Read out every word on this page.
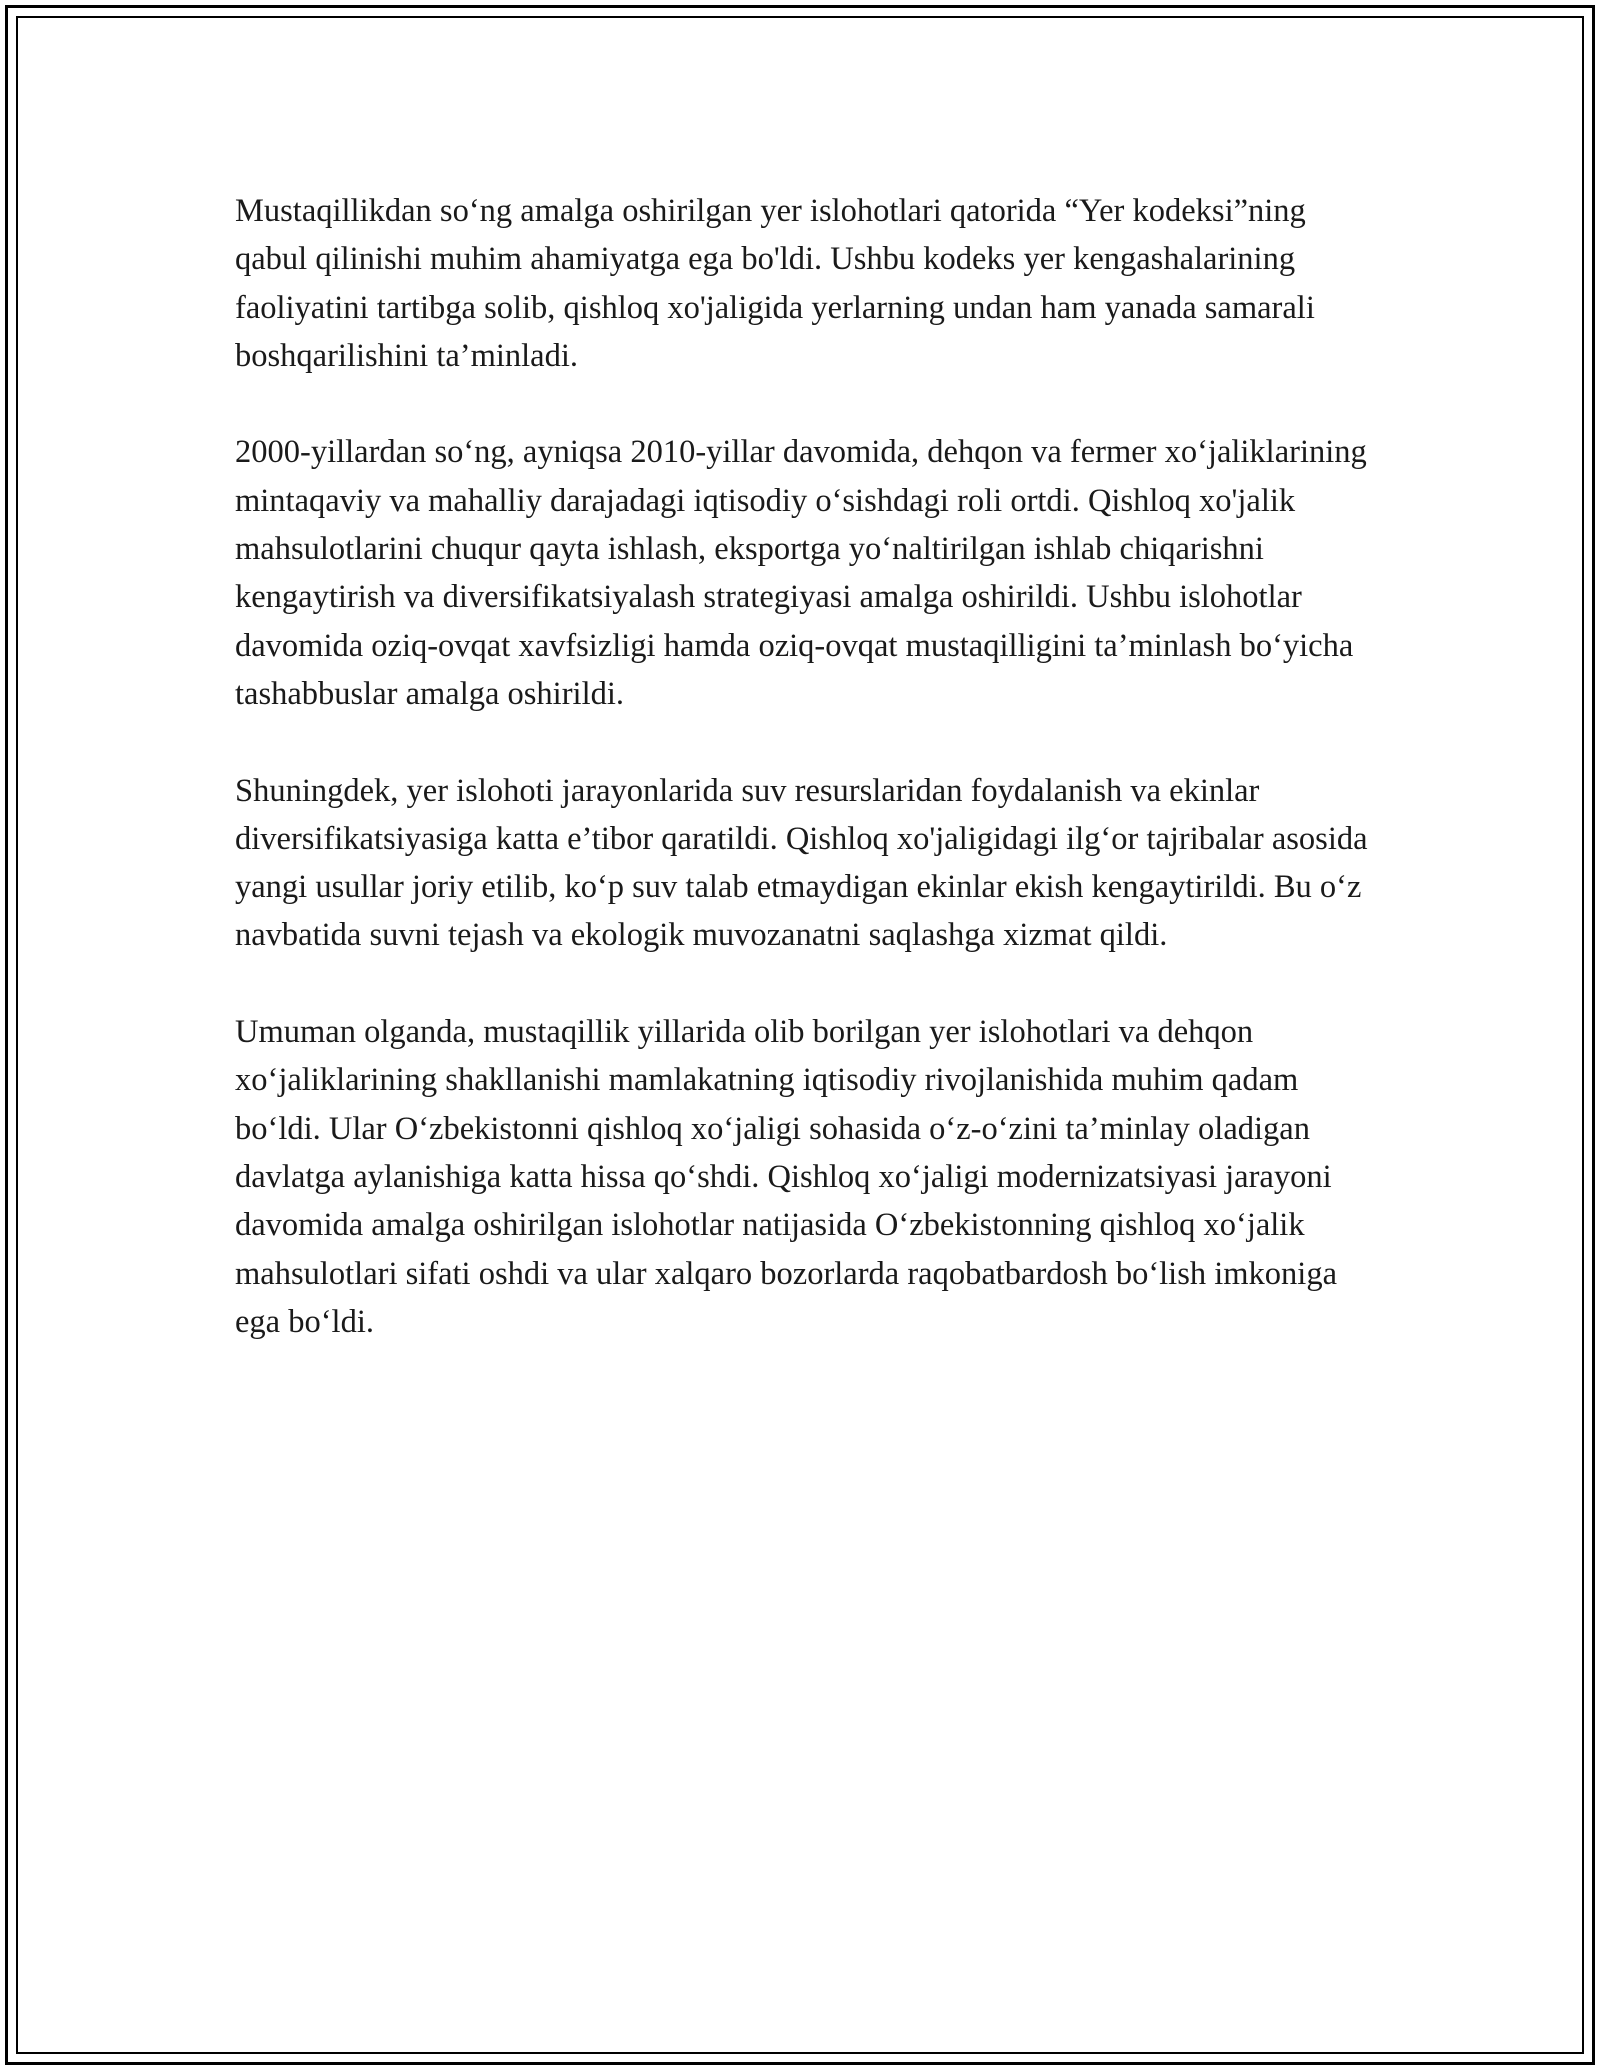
Mustaqillikdan so‘ng amalga oshirilgan yer islohotlari qatorida “Yer kodeksi”ning qabul qilinishi muhim ahamiyatga ega bo'ldi. Ushbu kodeks yer kengashalarining faoliyatini tartibga solib, qishloq xo'jaligida yerlarning undan ham yanada samarali boshqarilishini ta’minladi.

2000-yillardan so‘ng, ayniqsa 2010-yillar davomida, dehqon va fermer xo‘jaliklarining mintaqaviy va mahalliy darajadagi iqtisodiy o‘sishdagi roli ortdi. Qishloq xo'jalik mahsulotlarini chuqur qayta ishlash, eksportga yo‘naltirilgan ishlab chiqarishni kengaytirish va diversifikatsiyalash strategiyasi amalga oshirildi. Ushbu islohotlar davomida oziq-ovqat xavfsizligi hamda oziq-ovqat mustaqilligini ta’minlash bo‘yicha tashabbuslar amalga oshirildi.

Shuningdek, yer islohoti jarayonlarida suv resurslaridan foydalanish va ekinlar diversifikatsiyasiga katta e’tibor qaratildi. Qishloq xo'jaligidagi ilg‘or tajribalar asosida yangi usullar joriy etilib, ko‘p suv talab etmaydigan ekinlar ekish kengaytirildi. Bu o‘z navbatida suvni tejash va ekologik muvozanatni saqlashga xizmat qildi.

Umuman olganda, mustaqillik yillarida olib borilgan yer islohotlari va dehqon xo‘jaliklarining shakllanishi mamlakatning iqtisodiy rivojlanishida muhim qadam bo‘ldi. Ular O‘zbekistonni qishloq xo‘jaligi sohasida o‘z-o‘zini ta’minlay oladigan davlatga aylanishiga katta hissa qo‘shdi. Qishloq xo‘jaligi modernizatsiyasi jarayoni davomida amalga oshirilgan islohotlar natijasida O‘zbekistonning qishloq xo‘jalik mahsulotlari sifati oshdi va ular xalqaro bozorlarda raqobatbardosh bo‘lish imkoniga ega bo‘ldi.
